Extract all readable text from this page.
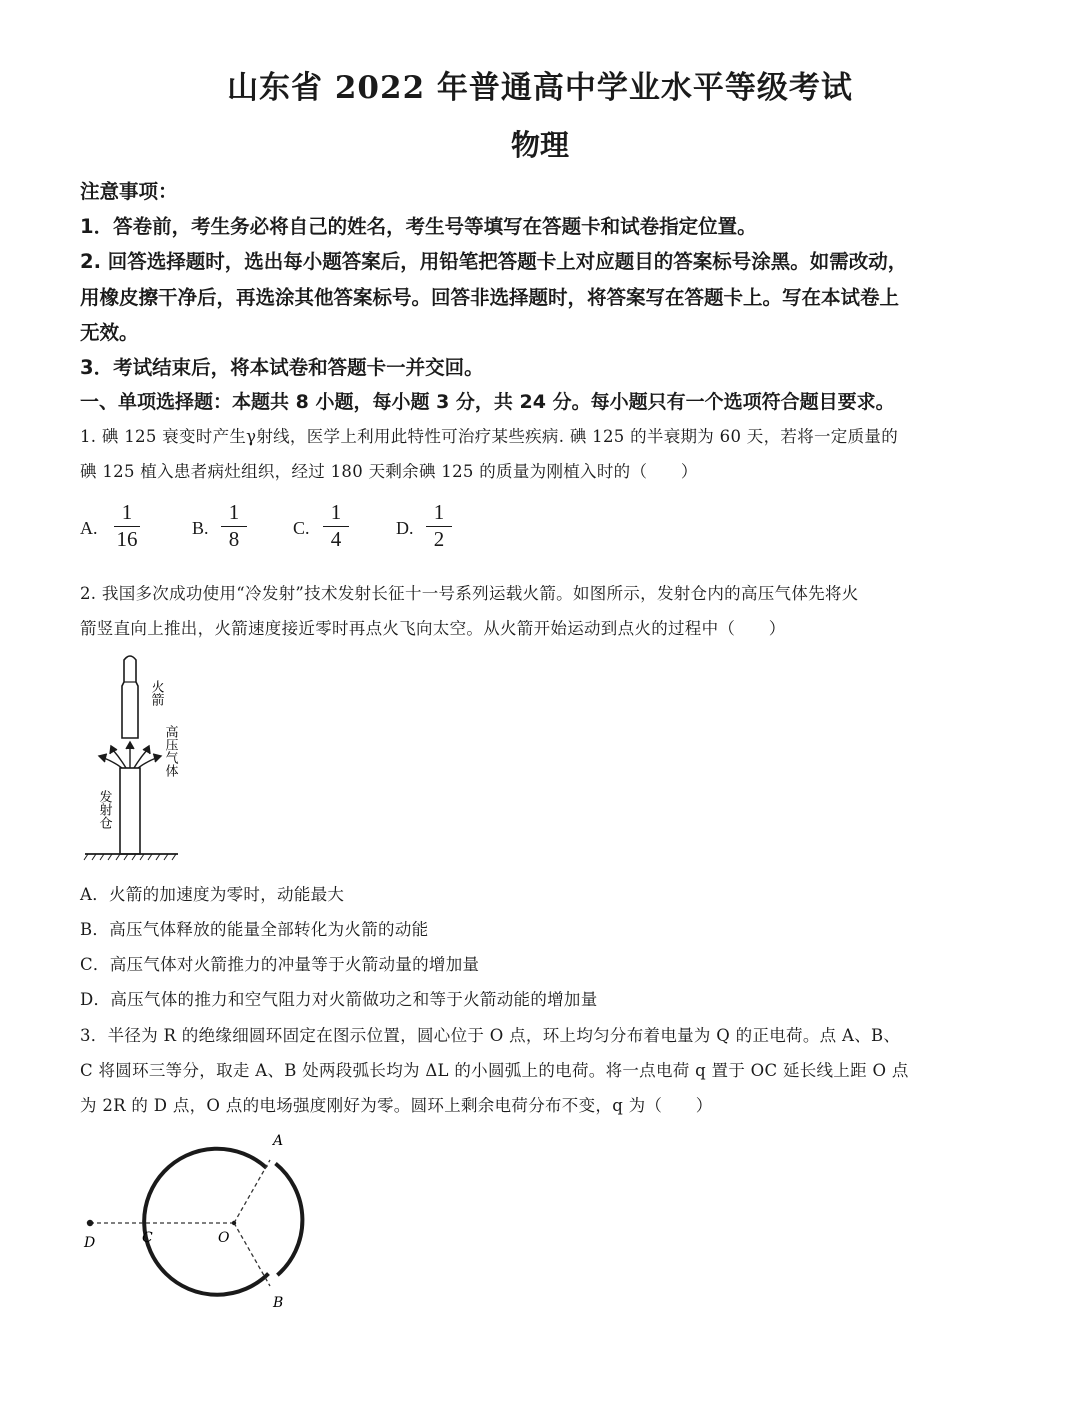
山东省 2022 年普通高中学业水平等级考试
物理
注意事项：
1．答卷前，考生务必将自己的姓名，考生号等填写在答题卡和试卷指定位置。
2. 回答选择题时，选出每小题答案后，用铅笔把答题卡上对应题目的答案标号涂黑。如需改动，
用橡皮擦干净后，再选涂其他答案标号。回答非选择题时，将答案写在答题卡上。写在本试卷上
无效。
3．考试结束后，将本试卷和答题卡一并交回。
一、单项选择题：本题共 8 小题，每小题 3 分，共 24 分。每小题只有一个选项符合题目要求。
1. 碘 125 衰变时产生γ射线，医学上利用此特性可治疗某些疾病. 碘 125 的半衰期为 60 天，若将一定质量的
碘 125 植入患者病灶组织，经过 180 天剩余碘 125 的质量为刚植入时的（　　）
A.
1
16	B.
1
8	C.
1
4	D.
1
2
2. 我国多次成功使用“冷发射”技术发射长征十一号系列运载火箭。如图所示，发射仓内的高压气体先将火
箭竖直向上推出，火箭速度接近零时再点火飞向太空。从火箭开始运动到点火的过程中（　　）
火箭
高压气体
发射仓
A．火箭的加速度为零时，动能最大
B．高压气体释放的能量全部转化为火箭的动能
C．高压气体对火箭推力的冲量等于火箭动量的增加量
D．高压气体的推力和空气阻力对火箭做功之和等于火箭动能的增加量
3．半径为 R 的绝缘细圆环固定在图示位置，圆心位于 O 点，环上均匀分布着电量为 Q 的正电荷。点 A、B、
C 将圆环三等分，取走 A、B 处两段弧长均为 ΔL 的小圆弧上的电荷。将一点电荷 q 置于 OC 延长线上距 O 点
为 2R 的 D 点，O 点的电场强度刚好为零。圆环上剩余电荷分布不变，q 为（　　）
A
B
C
D	O
